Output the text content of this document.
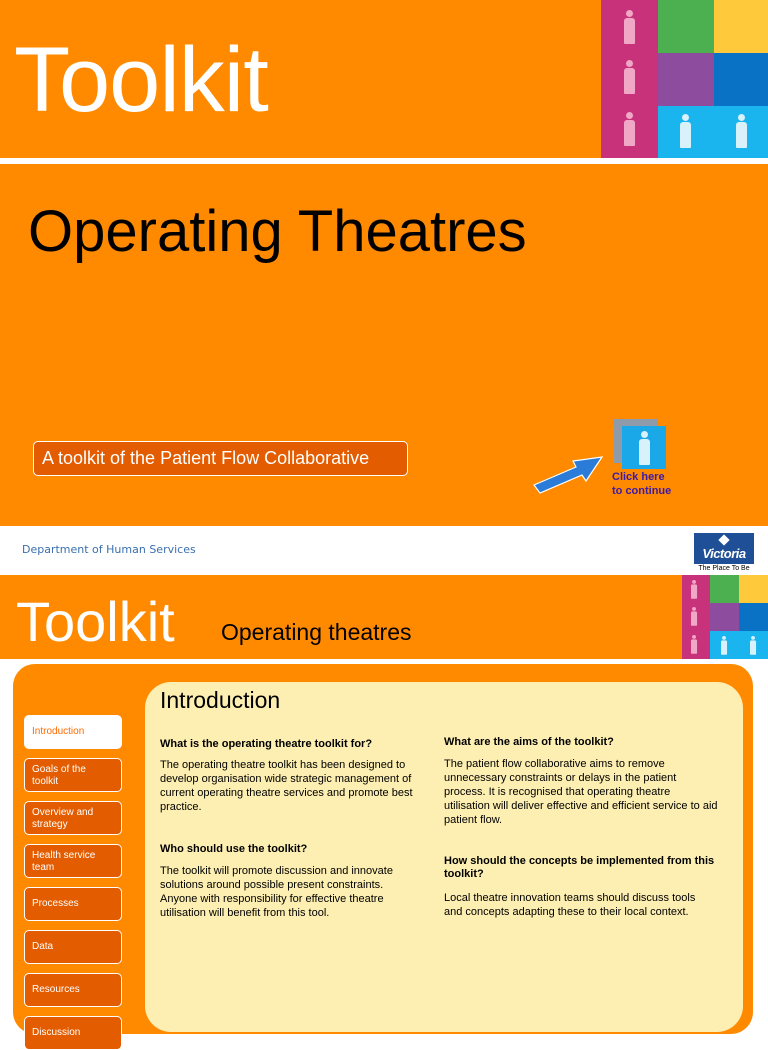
Toolkit
Operating Theatres
A toolkit of the Patient Flow Collaborative
Click here
to continue
Department of Human Services	Victoria
The Place To Be
Toolkit Operating theatres
Introduction
Introduction
Goals of the toolkit
Overview and strategy
Health service team
Processes
Data
Resources
Discussion
What is the operating theatre toolkit for?
The operating theatre toolkit has been designed to develop organisation wide strategic management of current operating theatre services and promote best practice.
Who should use the toolkit?
The toolkit will promote discussion and innovate solutions around possible present constraints. Anyone with responsibility for effective theatre utilisation will benefit from this tool.
What are the aims of the toolkit?
The patient flow collaborative aims to remove unnecessary constraints or delays in the patient process. It is recognised that operating theatre utilisation will deliver effective and efficient service to aid patient flow.
How should the concepts be implemented from this toolkit?
Local theatre innovation teams should discuss tools and concepts adapting these to their local context.
